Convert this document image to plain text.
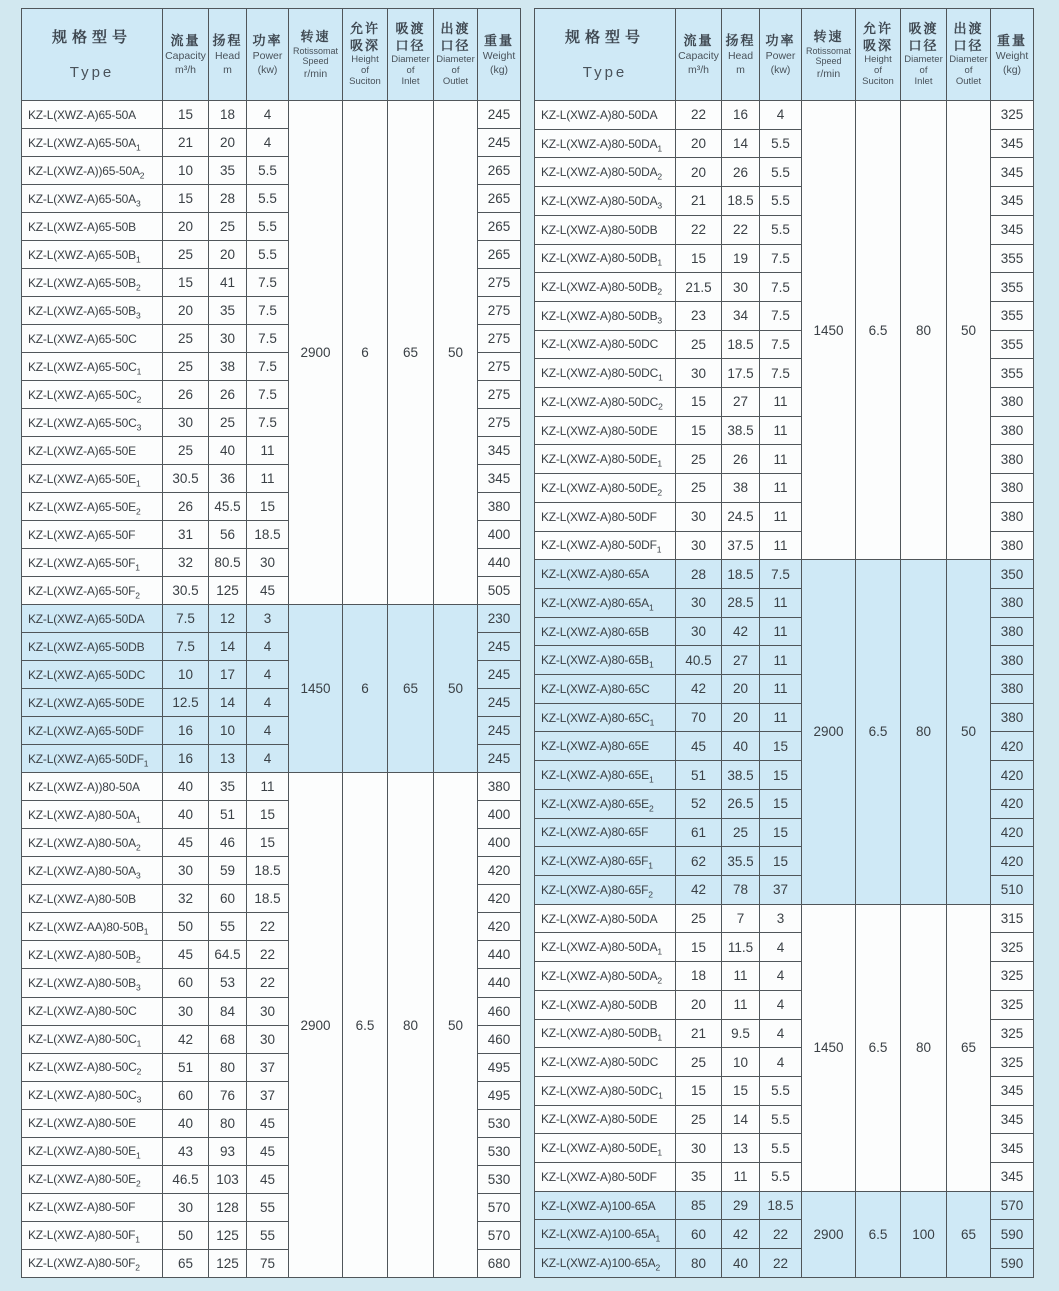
规格型号
Type

流量
Capacity
m³/h

扬程
Head
m

功率
Power
(kw)

转速
Rotissomat
Speed
r/min

允许
吸深
Height
of
Suciton

吸渡
口径
Diameter
of
Inlet

出渡
口径
Diameter
of
Outlet

重量
Weight
(kg)

KZ-L(XWZ-A)65-50A	15	18	4	2900	6	65	50	245
$KZ-L(XWZ-A)65-50A_1$	21	20	4					245
$KZ-L(XWZ-A))65-50A_2$	10	35	5.5					265
$KZ-L(XWZ-A)65-50A_3$	15	28	5.5					265
KZ-L(XWZ-A)65-50B	20	25	5.5					265
$KZ-L(XWZ-A)65-50B_1$	25	20	5.5					265
$KZ-L(XWZ-A)65-50B_2$	15	41	7.5					275
$KZ-L(XWZ-A)65-50B_3$	20	35	7.5					275
KZ-L(XWZ-A)65-50C	25	30	7.5					275
$KZ-L(XWZ-A)65-50C_1$	25	38	7.5					275
$KZ-L(XWZ-A)65-50C_2$	26	26	7.5					275
$KZ-L(XWZ-A)65-50C_3$	30	25	7.5					275
KZ-L(XWZ-A)65-50E	25	40	11					345
$KZ-L(XWZ-A)65-50E_1$	30.5	36	11					345
$KZ-L(XWZ-A)65-50E_2$	26	45.5	15					380
KZ-L(XWZ-A)65-50F	31	56	18.5					400
$KZ-L(XWZ-A)65-50F_1$	32	80.5	30					440
$KZ-L(XWZ-A)65-50F_2$	30.5	125	45					505
KZ-L(XWZ-A)65-50DA	7.5	12	3	1450	6	65	50	230
KZ-L(XWZ-A)65-50DB	7.5	14	4					245
KZ-L(XWZ-A)65-50DC	10	17	4					245
KZ-L(XWZ-A)65-50DE	12.5	14	4					245
KZ-L(XWZ-A)65-50DF	16	10	4					245
$KZ-L(XWZ-A)65-50DF_1$	16	13	4					245
KZ-L(XWZ-A))80-50A	40	35	11	2900	6.5	80	50	380
$KZ-L(XWZ-A)80-50A_1$	40	51	15					400
$KZ-L(XWZ-A)80-50A_2$	45	46	15					400
$KZ-L(XWZ-A)80-50A_3$	30	59	18.5					420
KZ-L(XWZ-A)80-50B	32	60	18.5					420
$KZ-L(XWZ-AA)80-50B_1$	50	55	22					420
$KZ-L(XWZ-A)80-50B_2$	45	64.5	22					440
$KZ-L(XWZ-A)80-50B_3$	60	53	22					440
KZ-L(XWZ-A)80-50C	30	84	30					460
$KZ-L(XWZ-A)80-50C_1$	42	68	30					460
$KZ-L(XWZ-A)80-50C_2$	51	80	37					495
$KZ-L(XWZ-A)80-50C_3$	60	76	37					495
KZ-L(XWZ-A)80-50E	40	80	45					530
$KZ-L(XWZ-A)80-50E_1$	43	93	45					530
$KZ-L(XWZ-A)80-50E_2$	46.5	103	45					530
KZ-L(XWZ-A)80-50F	30	128	55					570
$KZ-L(XWZ-A)80-50F_1$	50	125	55					570
$KZ-L(XWZ-A)80-50F_2$	65	125	75					680
规格型号
Type

流量
Capacity
m³/h

扬程
Head
m

功率
Power
(kw)

转速
Rotissomat
Speed
r/min

允许
吸深
Height
of
Suciton

吸渡
口径
Diameter
of
Inlet

出渡
口径
Diameter
of
Outlet

重量
Weight
(kg)

KZ-L(XWZ-A)80-50DA	22	16	4	1450	6.5	80	50	325
$KZ-L(XWZ-A)80-50DA_1$	20	14	5.5					345
$KZ-L(XWZ-A)80-50DA_2$	20	26	5.5					345
$KZ-L(XWZ-A)80-50DA_3$	21	18.5	5.5					345
KZ-L(XWZ-A)80-50DB	22	22	5.5					345
$KZ-L(XWZ-A)80-50DB_1$	15	19	7.5					355
$KZ-L(XWZ-A)80-50DB_2$	21.5	30	7.5					355
$KZ-L(XWZ-A)80-50DB_3$	23	34	7.5					355
KZ-L(XWZ-A)80-50DC	25	18.5	7.5					355
$KZ-L(XWZ-A)80-50DC_1$	30	17.5	7.5					355
$KZ-L(XWZ-A)80-50DC_2$	15	27	11					380
KZ-L(XWZ-A)80-50DE	15	38.5	11					380
$KZ-L(XWZ-A)80-50DE_1$	25	26	11					380
$KZ-L(XWZ-A)80-50DE_2$	25	38	11					380
KZ-L(XWZ-A)80-50DF	30	24.5	11					380
$KZ-L(XWZ-A)80-50DF_1$	30	37.5	11					380
KZ-L(XWZ-A)80-65A	28	18.5	7.5	2900	6.5	80	50	350
$KZ-L(XWZ-A)80-65A_1$	30	28.5	11					380
KZ-L(XWZ-A)80-65B	30	42	11					380
$KZ-L(XWZ-A)80-65B_1$	40.5	27	11					380
KZ-L(XWZ-A)80-65C	42	20	11					380
$KZ-L(XWZ-A)80-65C_1$	70	20	11					380
KZ-L(XWZ-A)80-65E	45	40	15					420
$KZ-L(XWZ-A)80-65E_1$	51	38.5	15					420
$KZ-L(XWZ-A)80-65E_2$	52	26.5	15					420
KZ-L(XWZ-A)80-65F	61	25	15					420
$KZ-L(XWZ-A)80-65F_1$	62	35.5	15					420
$KZ-L(XWZ-A)80-65F_2$	42	78	37					510
KZ-L(XWZ-A)80-50DA	25	7	3	1450	6.5	80	65	315
$KZ-L(XWZ-A)80-50DA_1$	15	11.5	4					325
$KZ-L(XWZ-A)80-50DA_2$	18	11	4					325
KZ-L(XWZ-A)80-50DB	20	11	4					325
$KZ-L(XWZ-A)80-50DB_1$	21	9.5	4					325
KZ-L(XWZ-A)80-50DC	25	10	4					325
$KZ-L(XWZ-A)80-50DC_1$	15	15	5.5					345
KZ-L(XWZ-A)80-50DE	25	14	5.5					345
$KZ-L(XWZ-A)80-50DE_1$	30	13	5.5					345
KZ-L(XWZ-A)80-50DF	35	11	5.5					345
KZ-L(XWZ-A)100-65A	85	29	18.5	2900	6.5	100	65	570
$KZ-L(XWZ-A)100-65A_1$	60	42	22					590
$KZ-L(XWZ-A)100-65A_2$	80	40	22					590
